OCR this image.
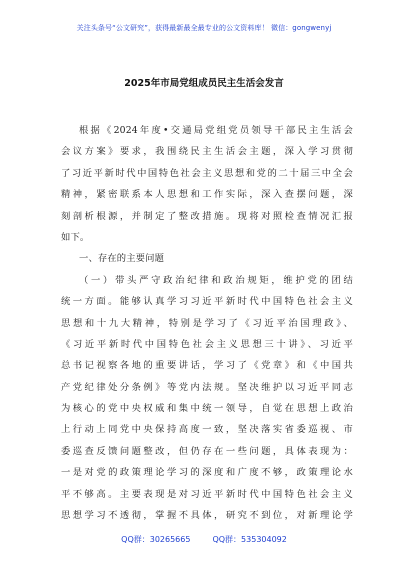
关注头条号“公文研究”，获得最新最全最专业的公文资料库！ 微信：gongwenyj
2025年市局党组成员民主生活会发言
根据《2024年度•交通局党组党员领导干部民主生活会
会议方案》要求，我围绕民主生活会主题，深入学习贯彻
了习近平新时代中国特色社会主义思想和党的二十届三中全会
精神，紧密联系本人思想和工作实际，深入查摆问题，深
刻剖析根源，并制定了整改措施。现将对照检查情况汇报
如下。
一、存在的主要问题
（一）带头严守政治纪律和政治规矩，维护党的团结
统一方面。能够认真学习习近平新时代中国特色社会主义
思想和十九大精神，特别是学习了《习近平治国理政》、
《习近平新时代中国特色社会主义思想三十讲》、习近平
总书记视察各地的重要讲话，学习了《党章》和《中国共
产党纪律处分条例》等党内法规。坚决维护以习近平同志
为核心的党中央权威和集中统一领导，自觉在思想上政治
上行动上同党中央保持高度一致，坚决落实省委巡视、市
委巡查反馈问题整改，但仍存在一些问题，具体表现为：
一是对党的政策理论学习的深度和广度不够，政策理论水
平不够高。主要表现是对习近平新时代中国特色社会主义
思想学习不透彻，掌握不具体，研究不到位，对新理论学
QQ群：30265665	QQ群：535304092
